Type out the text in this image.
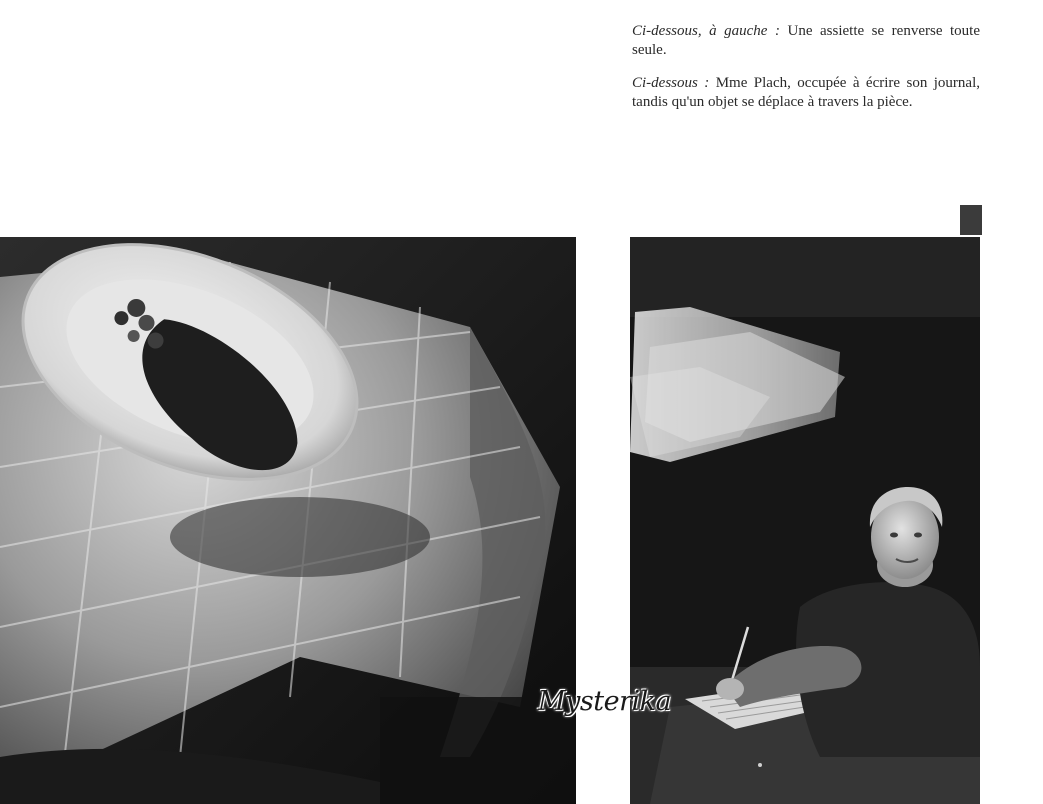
Ci-dessous, à gauche : Une assiette se renverse toute seule.

Ci-dessous : Mme Plach, occupée à écrire son journal, tandis qu'un objet se déplace à travers la pièce.

Mysterika
